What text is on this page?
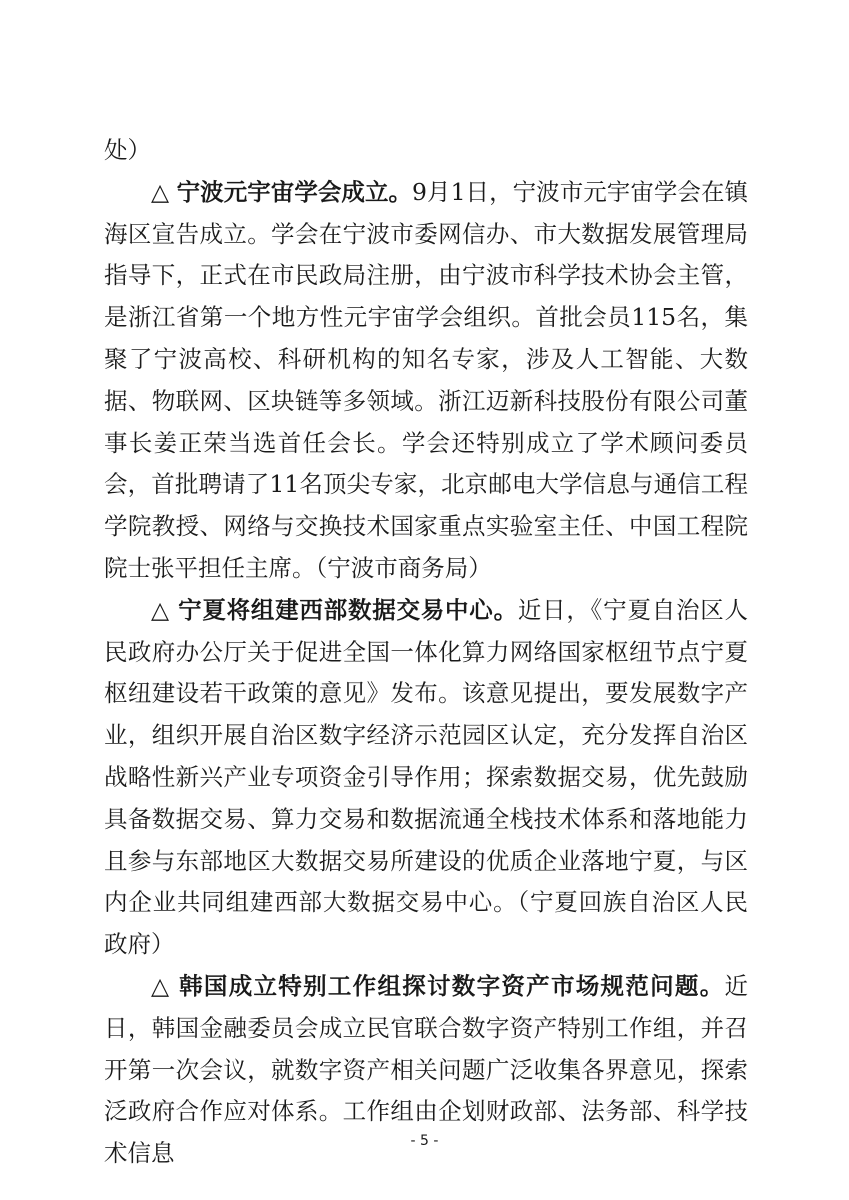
处）

△ 宁波元宇宙学会成立。9月1日，宁波市元宇宙学会在镇海区宣告成立。学会在宁波市委网信办、市大数据发展管理局指导下，正式在市民政局注册，由宁波市科学技术协会主管，是浙江省第一个地方性元宇宙学会组织。首批会员115名，集聚了宁波高校、科研机构的知名专家，涉及人工智能、大数据、物联网、区块链等多领域。浙江迈新科技股份有限公司董事长姜正荣当选首任会长。学会还特别成立了学术顾问委员会，首批聘请了11名顶尖专家，北京邮电大学信息与通信工程学院教授、网络与交换技术国家重点实验室主任、中国工程院院士张平担任主席。（宁波市商务局）

△ 宁夏将组建西部数据交易中心。近日，《宁夏自治区人民政府办公厅关于促进全国一体化算力网络国家枢纽节点宁夏枢纽建设若干政策的意见》发布。该意见提出，要发展数字产业，组织开展自治区数字经济示范园区认定，充分发挥自治区战略性新兴产业专项资金引导作用；探索数据交易，优先鼓励具备数据交易、算力交易和数据流通全栈技术体系和落地能力且参与东部地区大数据交易所建设的优质企业落地宁夏，与区内企业共同组建西部大数据交易中心。（宁夏回族自治区人民政府）

△ 韩国成立特别工作组探讨数字资产市场规范问题。近日，韩国金融委员会成立民官联合数字资产特别工作组，并召开第一次会议，就数字资产相关问题广泛收集各界意见，探索泛政府合作应对体系。工作组由企划财政部、法务部、科学技术信息	- 5 -
